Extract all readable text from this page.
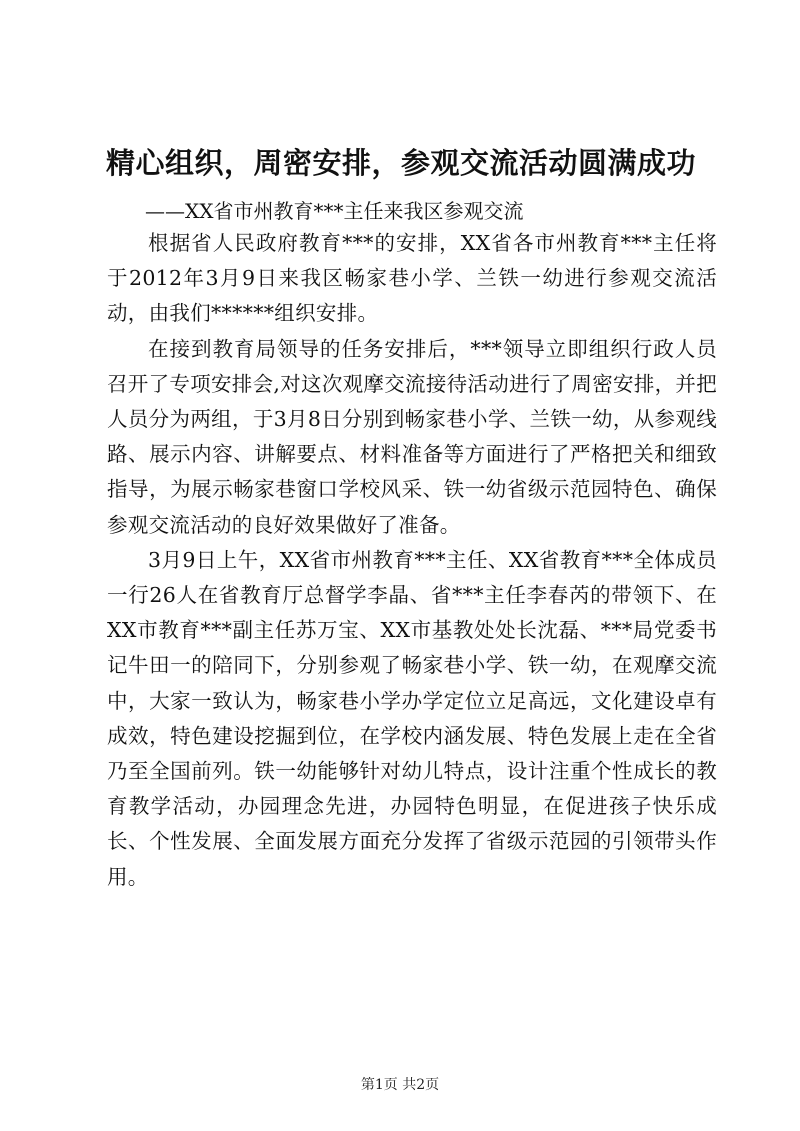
精心组织，周密安排，参观交流活动圆满成功
——XX省市州教育***主任来我区参观交流

根据省人民政府教育***的安排，XX省各市州教育***主任将于2012年3月9日来我区畅家巷小学、兰铁一幼进行参观交流活动，由我们******组织安排。

在接到教育局领导的任务安排后，***领导立即组织行政人员召开了专项安排会,对这次观摩交流接待活动进行了周密安排，并把人员分为两组，于3月8日分别到畅家巷小学、兰铁一幼，从参观线路、展示内容、讲解要点、材料准备等方面进行了严格把关和细致指导，为展示畅家巷窗口学校风采、铁一幼省级示范园特色、确保参观交流活动的良好效果做好了准备。

3月9日上午，XX省市州教育***主任、XX省教育***全体成员一行26人在省教育厅总督学李晶、省***主任李春芮的带领下、在XX市教育***副主任苏万宝、XX市基教处处长沈磊、***局党委书记牛田一的陪同下，分别参观了畅家巷小学、铁一幼，在观摩交流中，大家一致认为，畅家巷小学办学定位立足高远，文化建设卓有成效，特色建设挖掘到位，在学校内涵发展、特色发展上走在全省乃至全国前列。铁一幼能够针对幼儿特点，设计注重个性成长的教育教学活动，办园理念先进，办园特色明显，在促进孩子快乐成长、个性发展、全面发展方面充分发挥了省级示范园的引领带头作用。

第1页 共2页
